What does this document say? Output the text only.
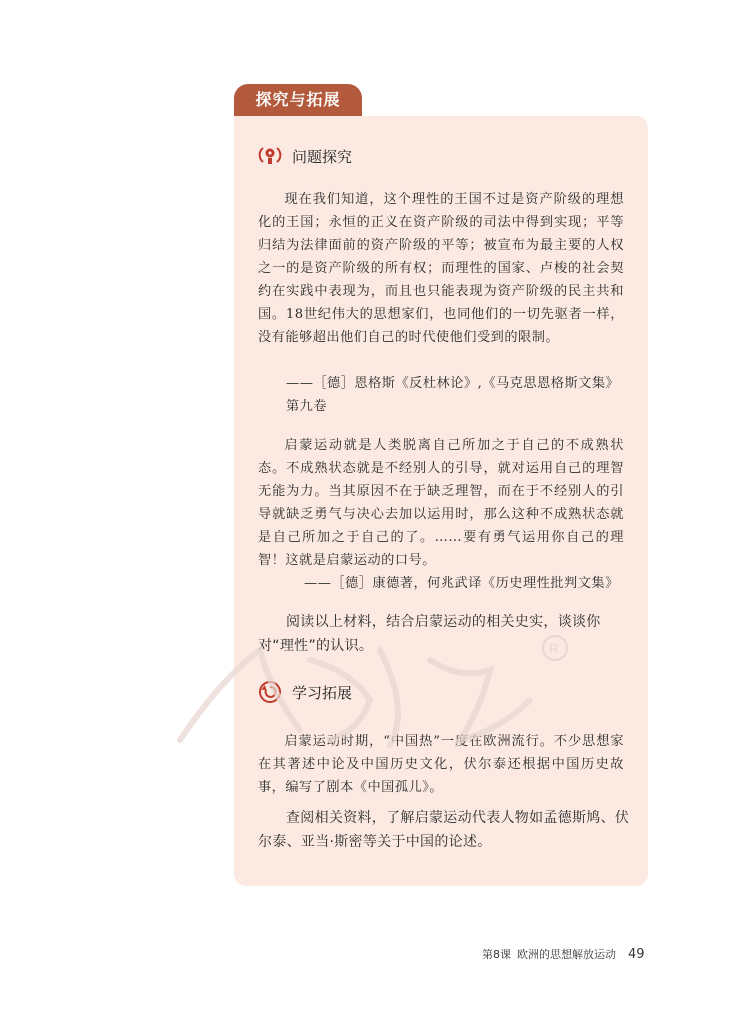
探究与拓展
问题探究

现在我们知道，这个理性的王国不过是资产阶级的理想化的王国；永恒的正义在资产阶级的司法中得到实现；平等归结为法律面前的资产阶级的平等；被宣布为最主要的人权之一的是资产阶级的所有权；而理性的国家、卢梭的社会契约在实践中表现为，而且也只能表现为资产阶级的民主共和国。18世纪伟大的思想家们，也同他们的一切先驱者一样，没有能够超出他们自己的时代使他们受到的限制。

——［德］恩格斯《反杜林论》,《马克思恩格斯文集》第九卷

启蒙运动就是人类脱离自己所加之于自己的不成熟状态。不成熟状态就是不经别人的引导，就对运用自己的理智无能为力。当其原因不在于缺乏理智，而在于不经别人的引导就缺乏勇气与决心去加以运用时，那么这种不成熟状态就是自己所加之于自己的了。……要有勇气运用你自己的理智！这就是启蒙运动的口号。

——［德］康德著，何兆武译《历史理性批判文集》

阅读以上材料，结合启蒙运动的相关史实，谈谈你对“理性”的认识。

学习拓展

启蒙运动时期，“中国热”一度在欧洲流行。不少思想家在其著述中论及中国历史文化，伏尔泰还根据中国历史故事，编写了剧本《中国孤儿》。

查阅相关资料，了解启蒙运动代表人物如孟德斯鸠、伏尔泰、亚当·斯密等关于中国的论述。

R
第8课 欧洲的思想解放运动 49
